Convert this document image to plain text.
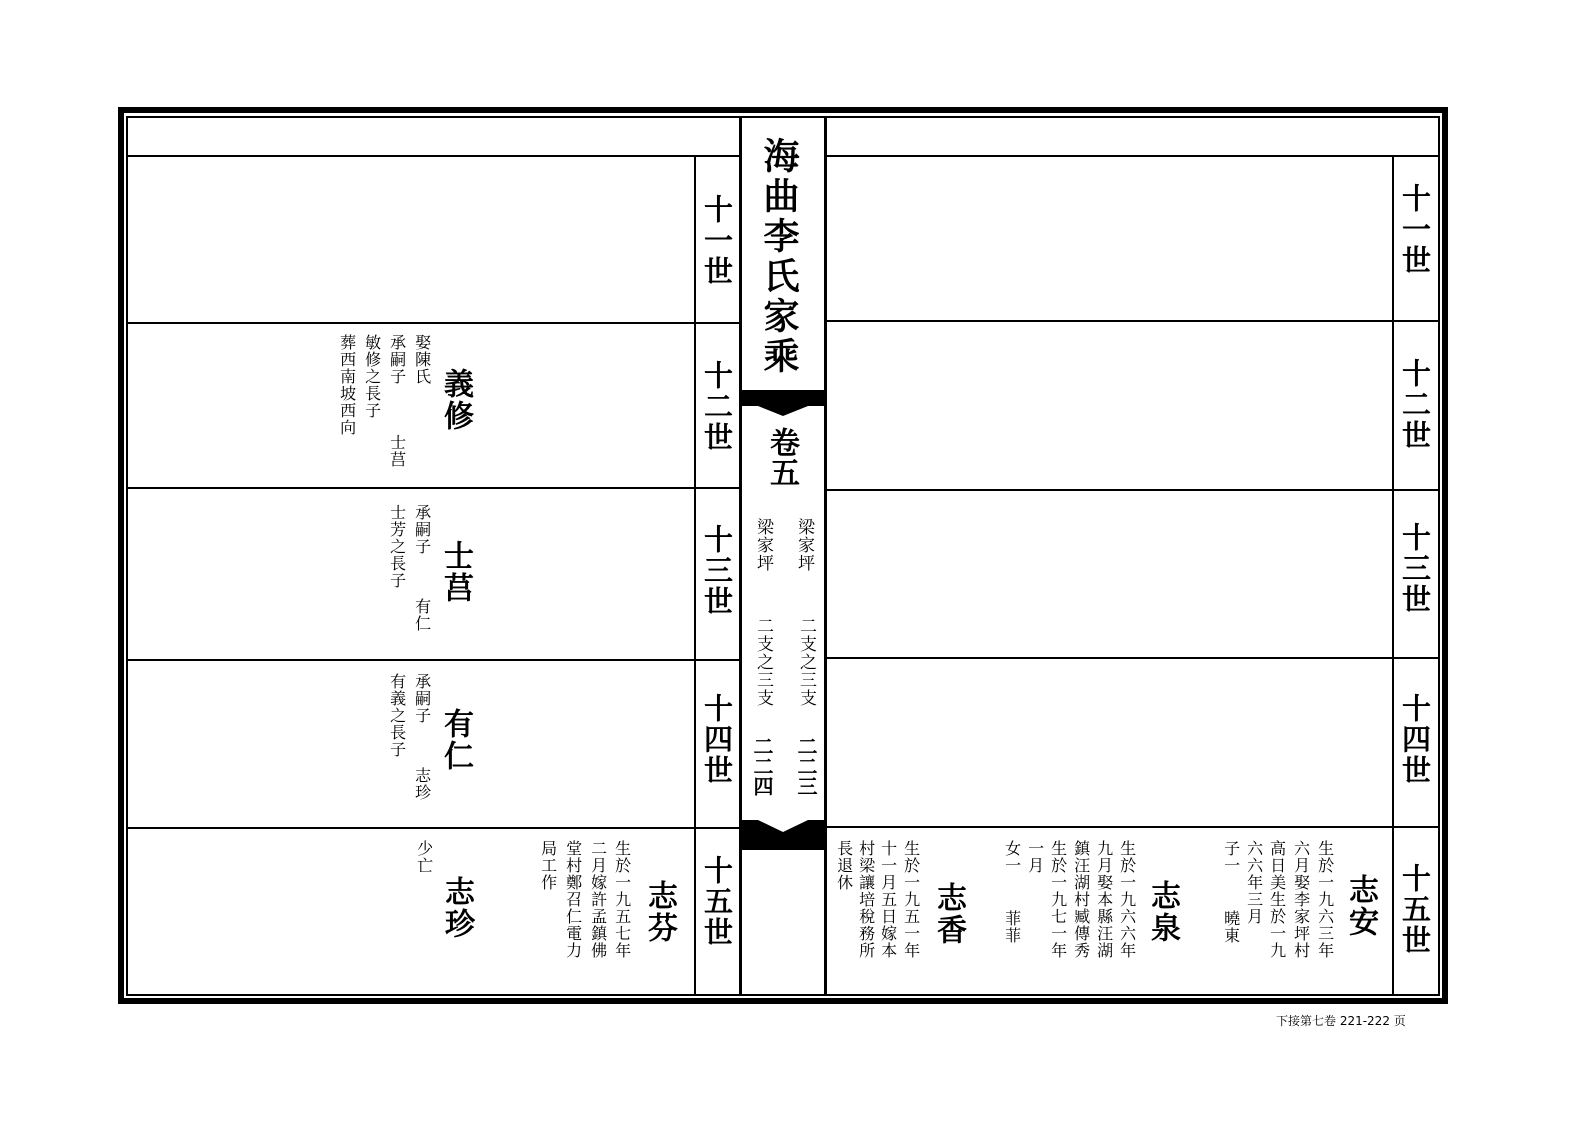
海曲李氏家乘
卷五
梁家坪
梁家坪
二支之三支
二支之三支
二二三
二二四
十一世
十二世
十三世
十四世
十五世
十一世
十二世
十三世
十四世
十五世
義修
娶陳氏
承嗣子
敏修之長子
葬西南坡西向
士莒
士莒
承嗣子
士芳之長子
有仁
有仁
承嗣子
有義之長子
志珍
志芬
生於一九五七年
二月嫁許孟鎮佛
堂村鄭召仁電力
局工作
志珍
少亡
志安
生於一九六三年
六月娶李家坪村
高日美生於一九
六六年三月
子一
曉東
志泉
生於一九六六年
九月娶本縣汪湖
鎮汪湖村臧傳秀
生於一九七一年
一月
女一
菲菲
志香
生於一九五一年
十一月五日嫁本
村梁讓培稅務所
長退休
下接第七卷 221-222 页
